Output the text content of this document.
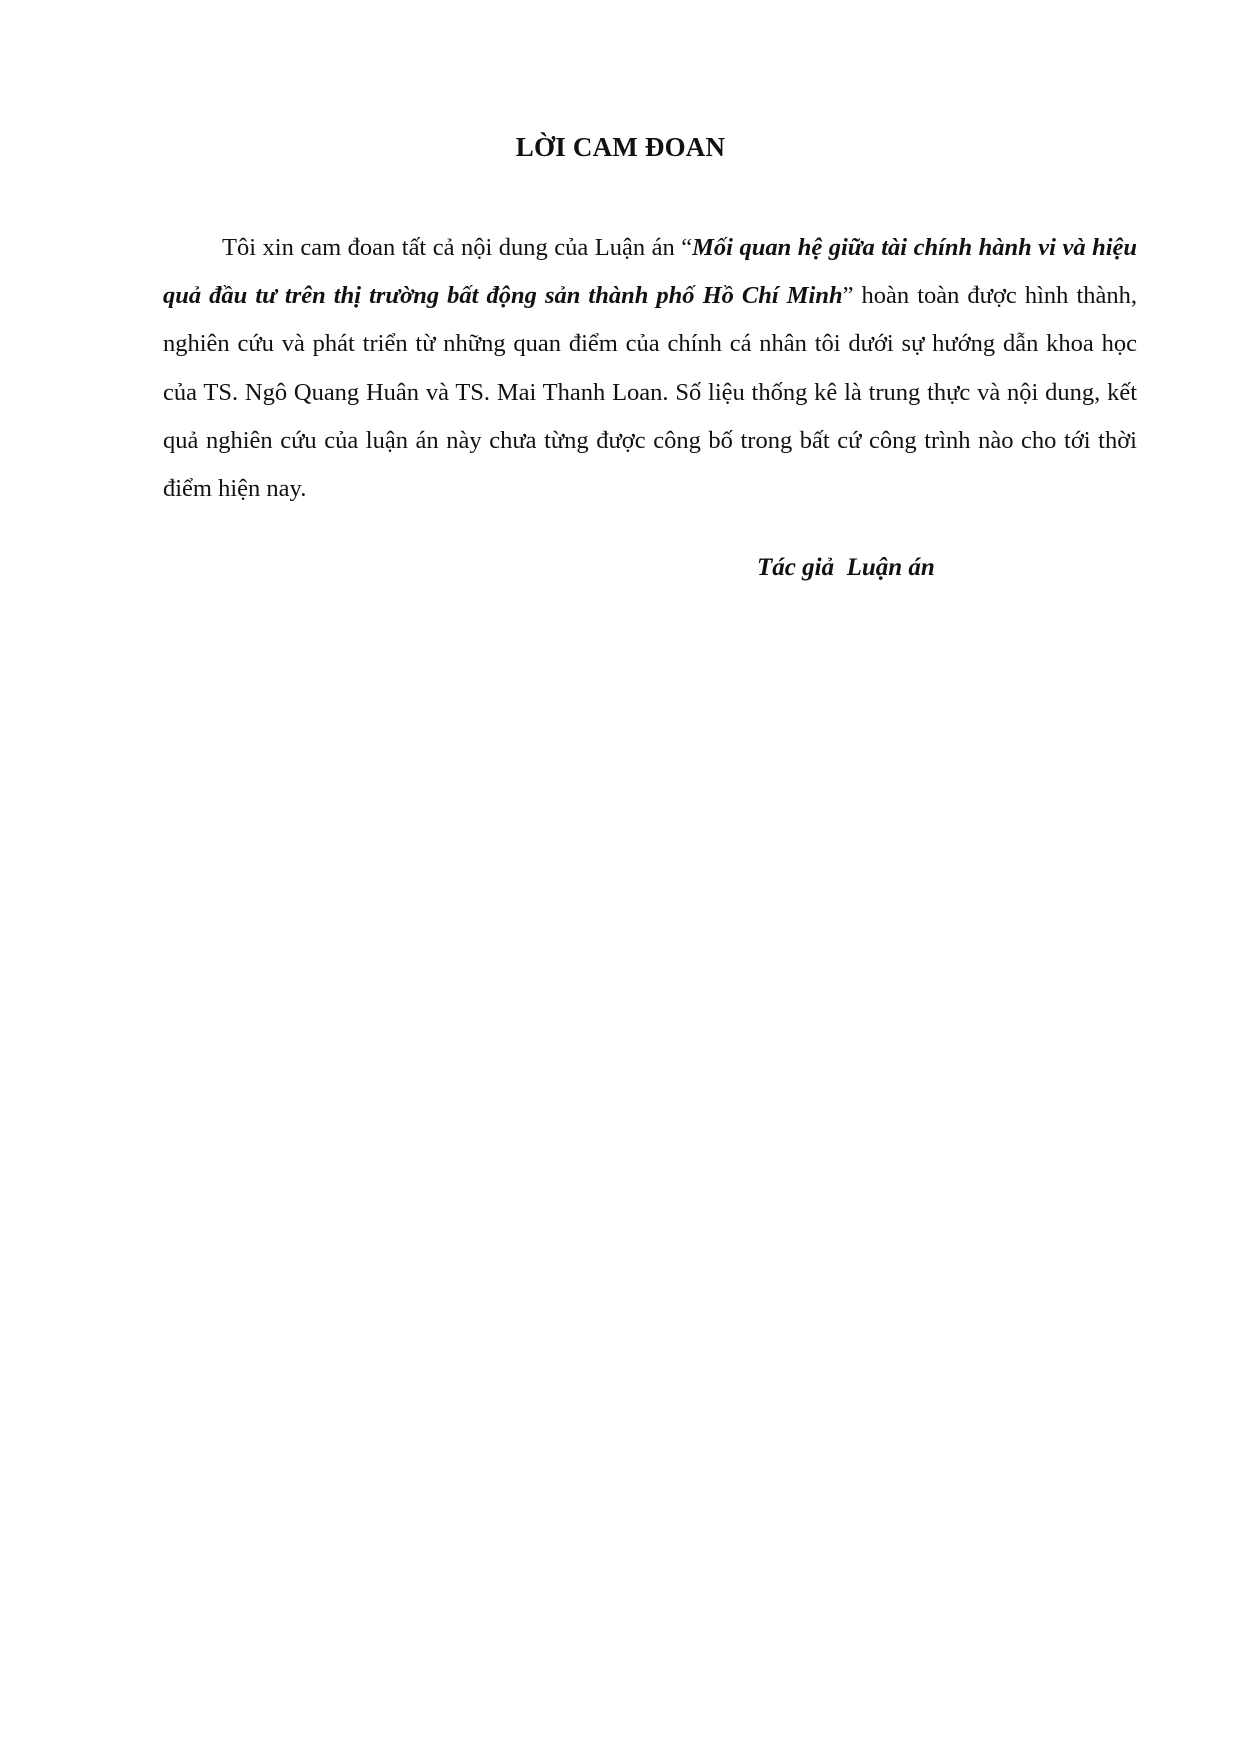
LỜI CAM ĐOAN

Tôi xin cam đoan tất cả nội dung của Luận án “Mối quan hệ giữa tài chính hành vi và hiệu quả đầu tư trên thị trường bất động sản thành phố Hồ Chí Minh” hoàn toàn được hình thành, nghiên cứu và phát triển từ những quan điểm của chính cá nhân tôi dưới sự hướng dẫn khoa học của TS. Ngô Quang Huân và TS. Mai Thanh Loan. Số liệu thống kê là trung thực và nội dung, kết quả nghiên cứu của luận án này chưa từng được công bố trong bất cứ công trình nào cho tới thời điểm hiện nay.

Tác giả  Luận án
